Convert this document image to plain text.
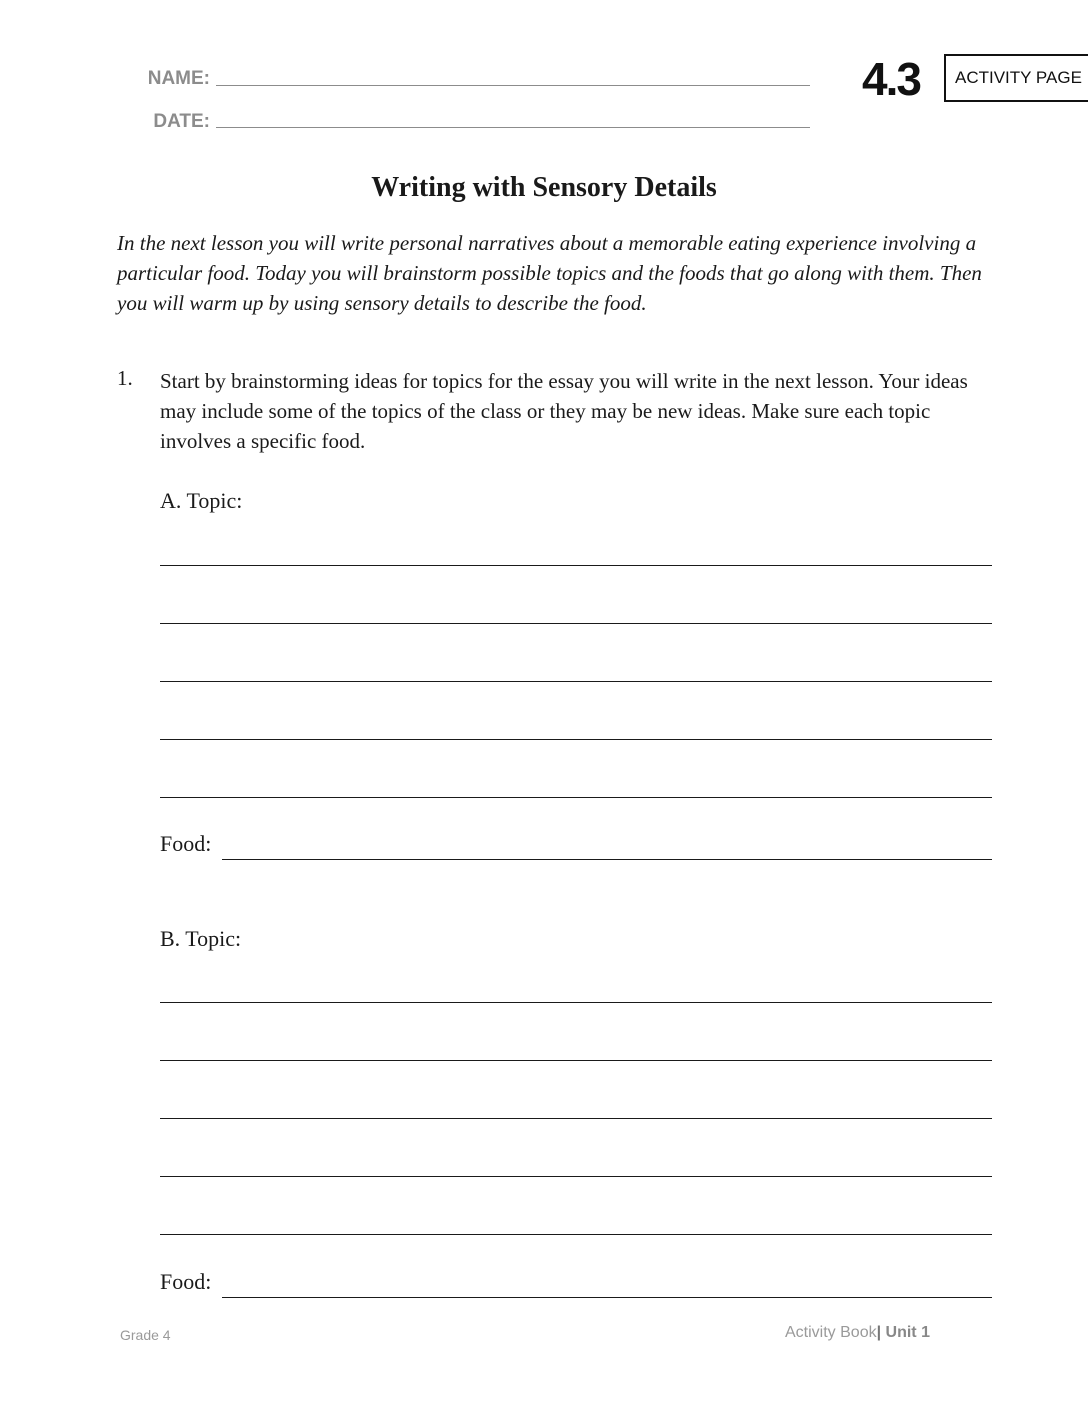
NAME:
DATE:
4.3 ACTIVITY PAGE
Writing with Sensory Details
In the next lesson you will write personal narratives about a memorable eating experience involving a particular food. Today you will brainstorm possible topics and the foods that go along with them. Then you will warm up by using sensory details to describe the food.
1. Start by brainstorming ideas for topics for the essay you will write in the next lesson. Your ideas may include some of the topics of the class or they may be new ideas. Make sure each topic involves a specific food.
A. Topic:
Food:
B. Topic:
Food:
Grade 4	Activity Book| Unit 1
